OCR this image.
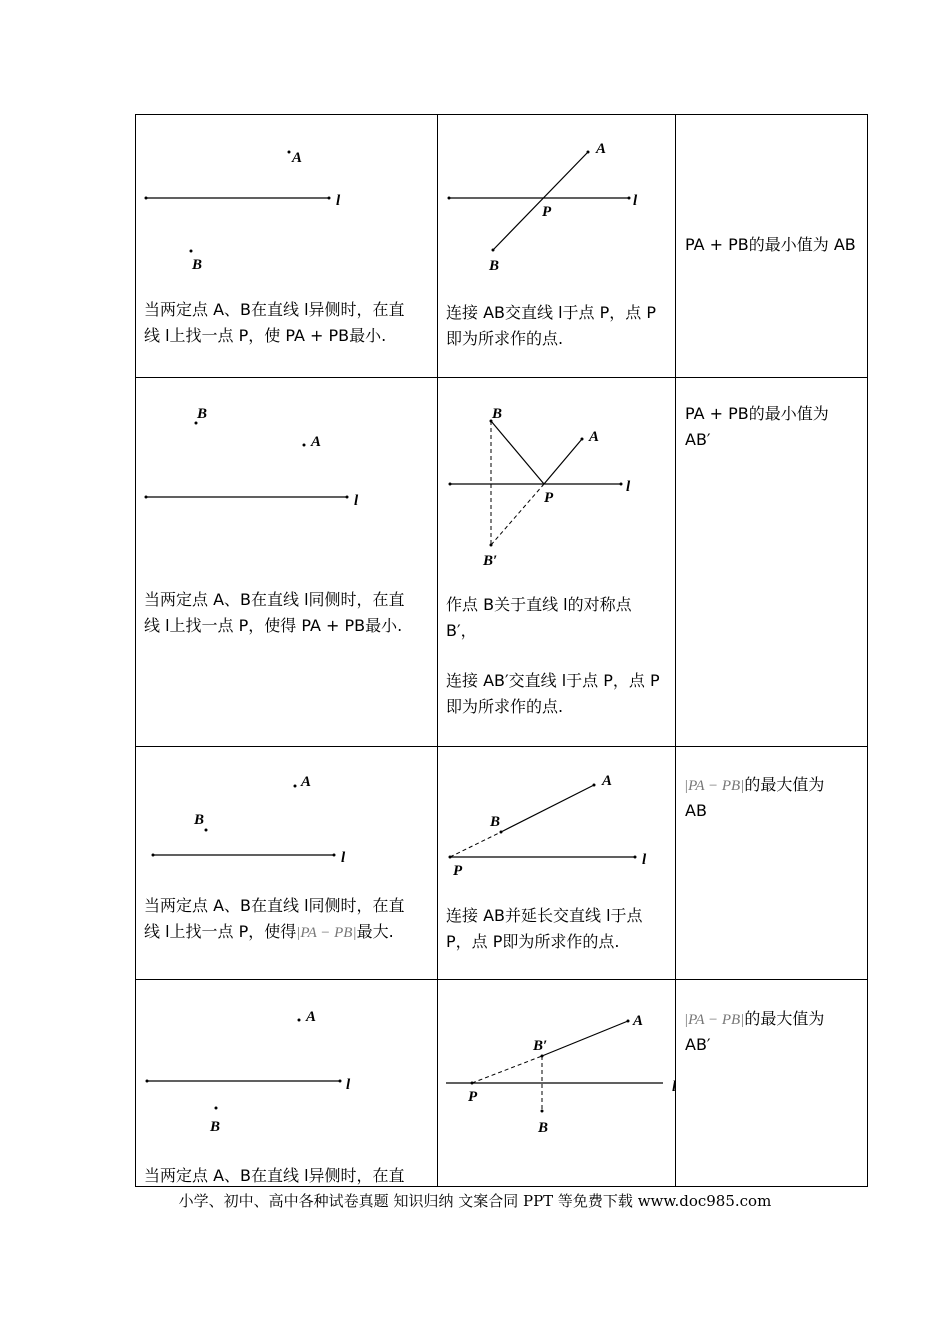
A
B
l
当两定点 A、B在直线 l异侧时，在直
线 l上找一点 P，使 PA + PB最小.
A
B
P
l
连接 AB交直线 l于点 P，点 P
即为所求作的点.
PA + PB的最小值为 AB
B
A
l
当两定点 A、B在直线 l同侧时，在直
线 l上找一点 P，使得 PA + PB最小.
B
A
P
l
B′
作点 B关于直线 l的对称点
B′，
连接 AB′交直线 l于点 P，点 P
即为所求作的点.
PA + PB的最小值为
AB′
A
B
l
当两定点 A、B在直线 l同侧时，在直
线 l上找一点 P，使得|PA − PB|最大.
A
B
P
l
连接 AB并延长交直线 l于点
P，点 P即为所求作的点.
|PA − PB|的最大值为
AB
A
B
l
当两定点 A、B在直线 l异侧时，在直
A
B′
P
B
l
|PA − PB|的最大值为
AB′
小学、初中、高中各种试卷真题 知识归纳 文案合同 PPT 等免费下载 www.doc985.com
